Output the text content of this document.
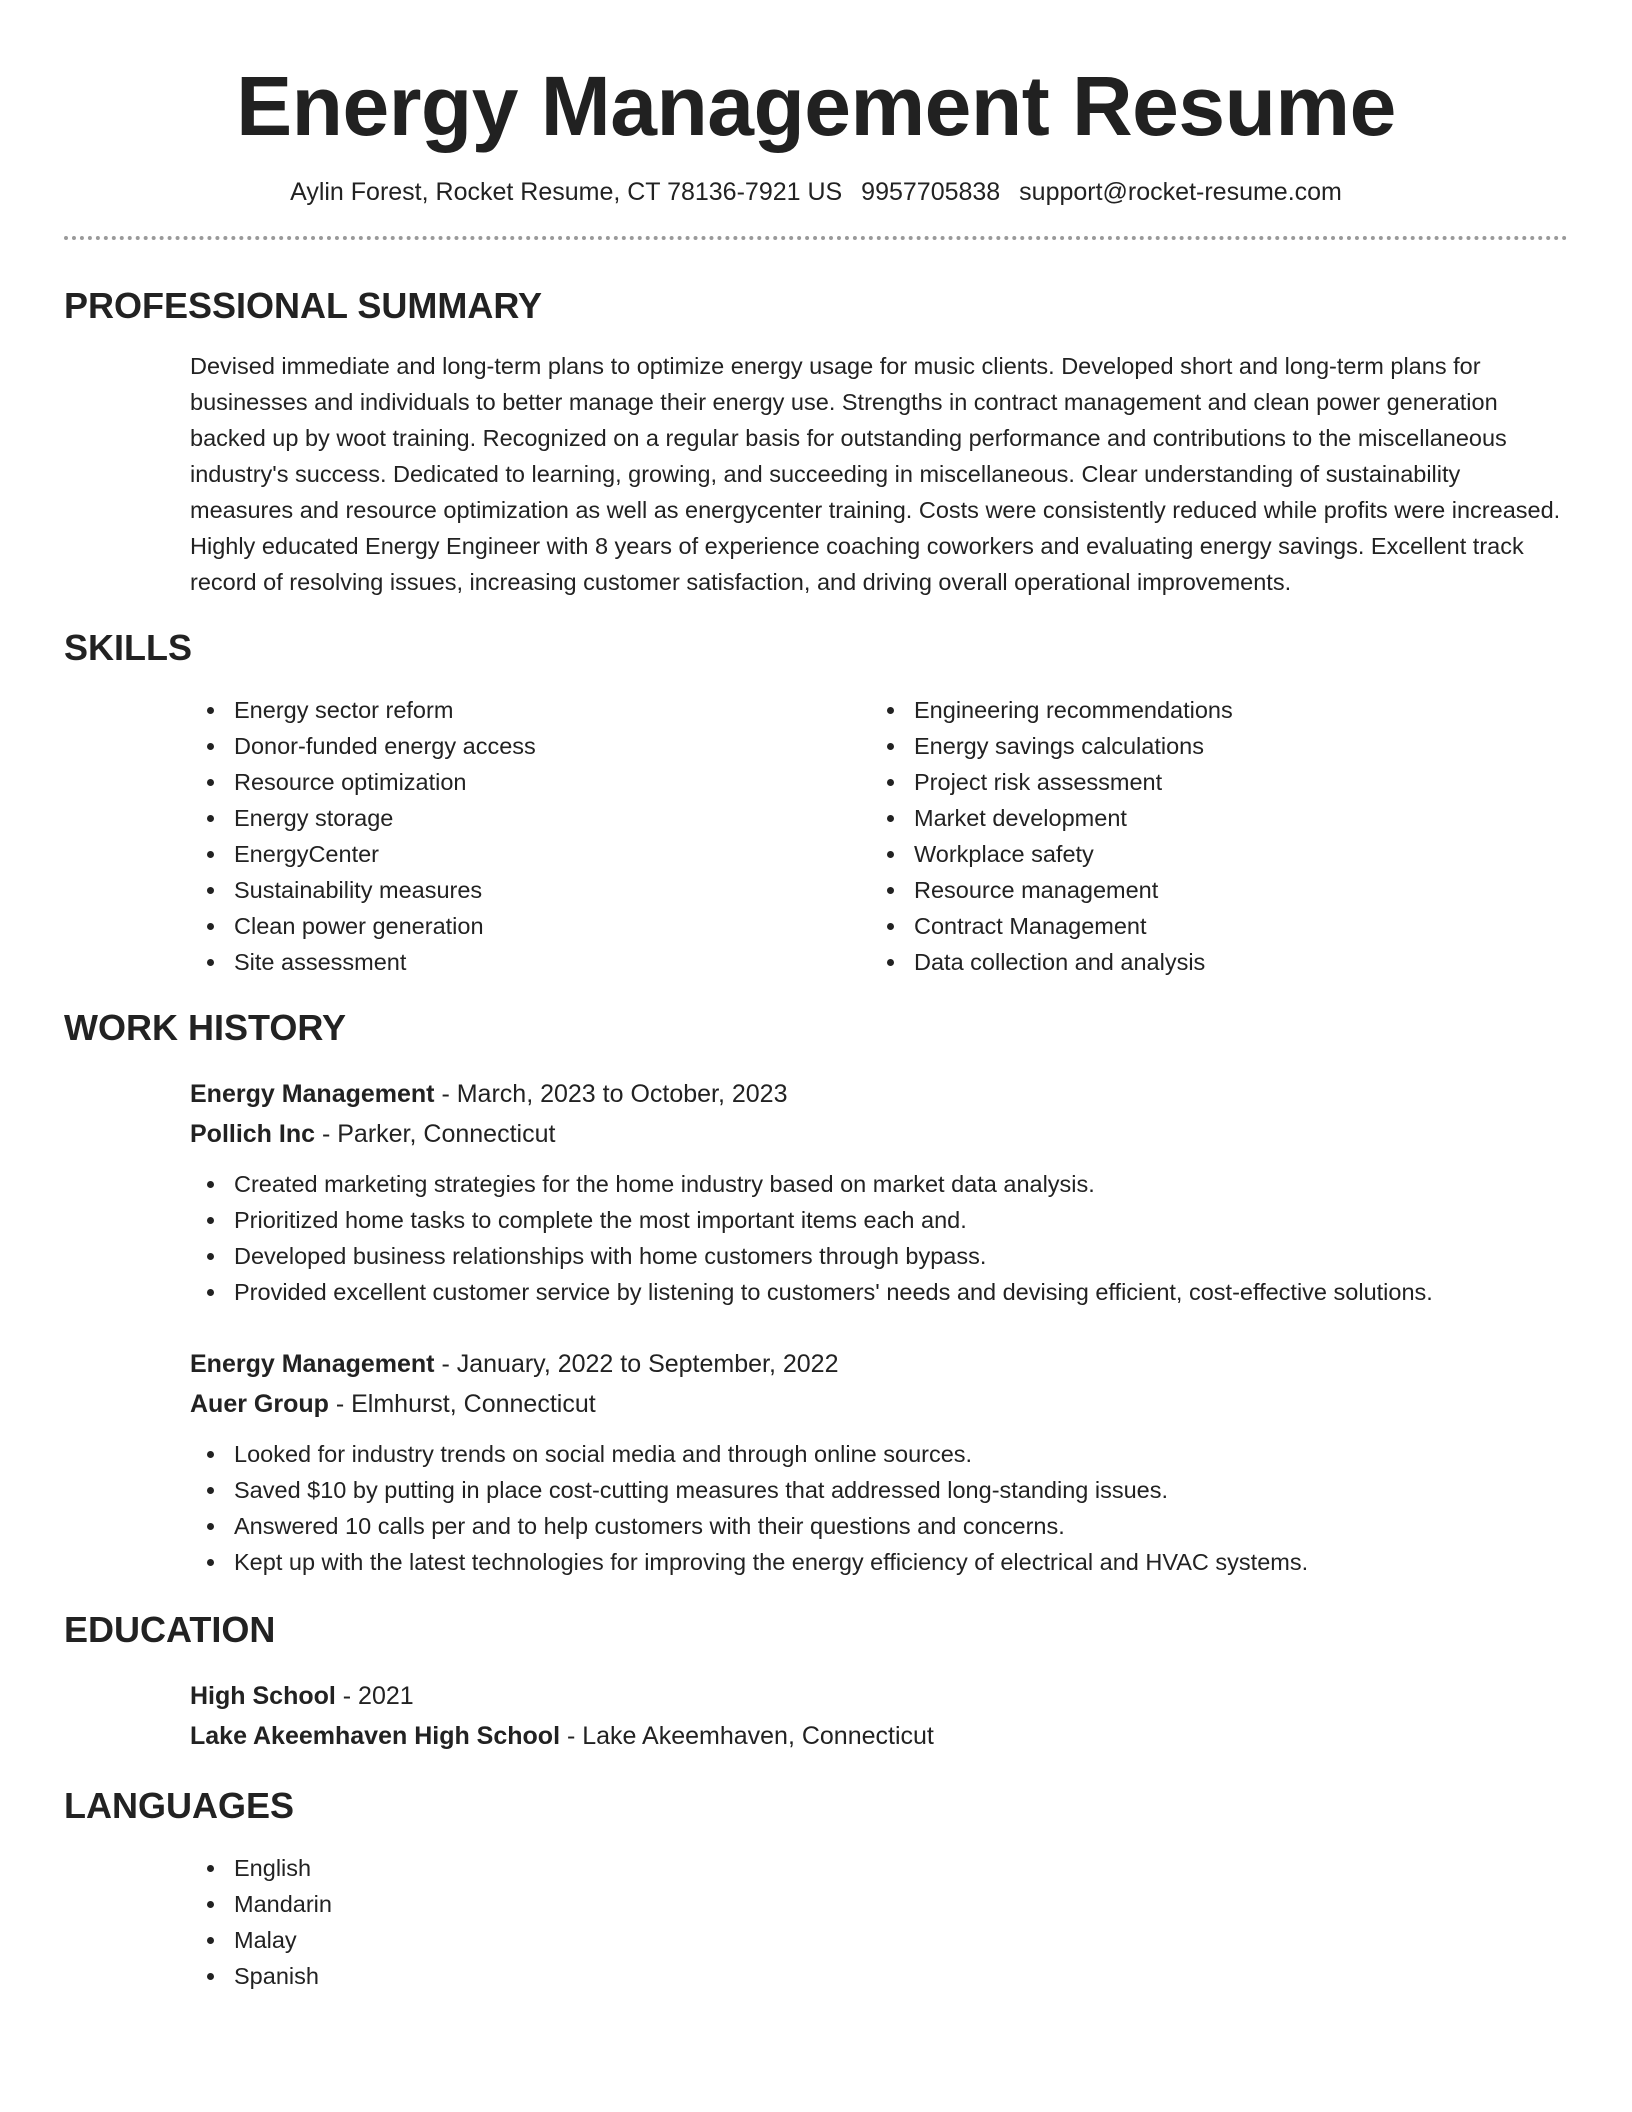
Energy Management Resume
Aylin Forest, Rocket Resume, CT 78136-7921 US 9957705838 support@rocket-resume.com
PROFESSIONAL SUMMARY

Devised immediate and long-term plans to optimize energy usage for music clients. Developed short and long-term plans for businesses and individuals to better manage their energy use. Strengths in contract management and clean power generation backed up by woot training. Recognized on a regular basis for outstanding performance and contributions to the miscellaneous industry's success. Dedicated to learning, growing, and succeeding in miscellaneous. Clear understanding of sustainability measures and resource optimization as well as energycenter training. Costs were consistently reduced while profits were increased. Highly educated Energy Engineer with 8 years of experience coaching coworkers and evaluating energy savings. Excellent track record of resolving issues, increasing customer satisfaction, and driving overall operational improvements.

SKILLS
Energy sector reform
Donor-funded energy access
Resource optimization
Energy storage
EnergyCenter
Sustainability measures
Clean power generation
Site assessment
Engineering recommendations
Energy savings calculations
Project risk assessment
Market development
Workplace safety
Resource management
Contract Management
Data collection and analysis
WORK HISTORY
Energy Management - March, 2023 to October, 2023
Pollich Inc - Parker, Connecticut
Created marketing strategies for the home industry based on market data analysis.
Prioritized home tasks to complete the most important items each and.
Developed business relationships with home customers through bypass.
Provided excellent customer service by listening to customers' needs and devising efficient, cost-effective solutions.
Energy Management - January, 2022 to September, 2022
Auer Group - Elmhurst, Connecticut
Looked for industry trends on social media and through online sources.
Saved $10 by putting in place cost-cutting measures that addressed long-standing issues.
Answered 10 calls per and to help customers with their questions and concerns.
Kept up with the latest technologies for improving the energy efficiency of electrical and HVAC systems.
EDUCATION
High School - 2021
Lake Akeemhaven High School - Lake Akeemhaven, Connecticut
LANGUAGES
English
Mandarin
Malay
Spanish
